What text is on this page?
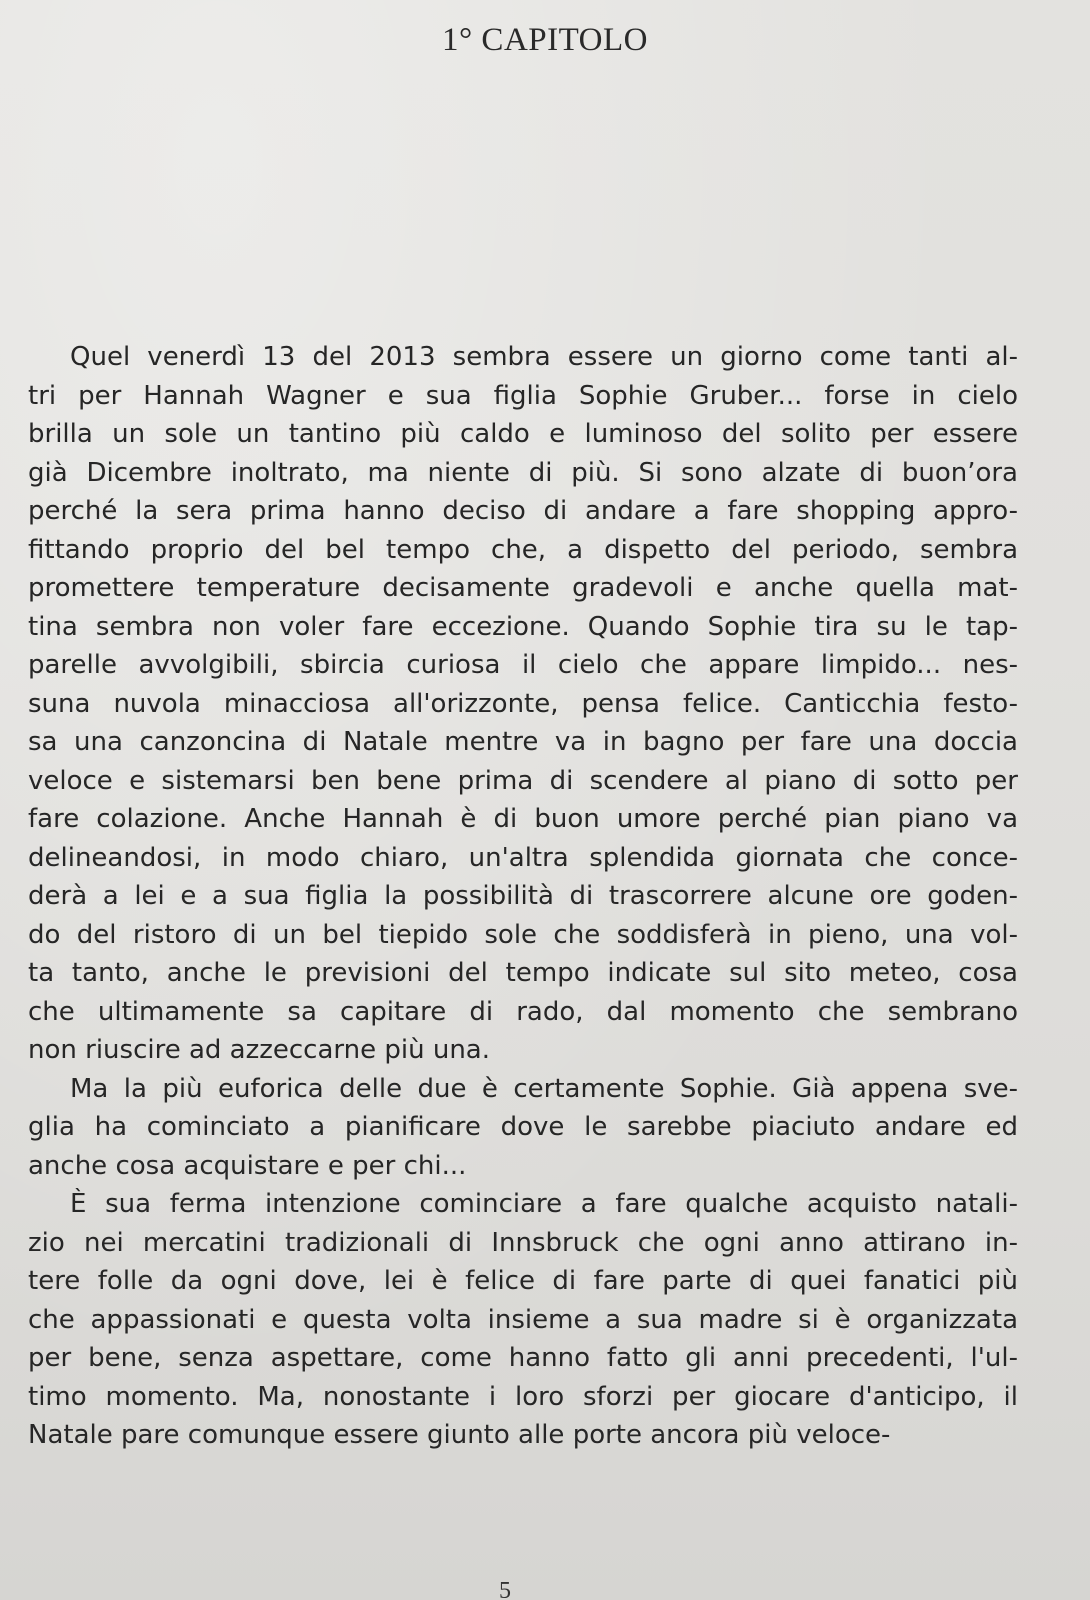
1° CAPITOLO
Quel venerdì 13 del 2013 sembra essere un giorno come tanti al-
tri per Hannah Wagner e sua figlia Sophie Gruber... forse in cielo
brilla un sole un tantino più caldo e luminoso del solito per essere
già Dicembre inoltrato, ma niente di più. Si sono alzate di buon’ora
perché la sera prima hanno deciso di andare a fare shopping appro-
fittando proprio del bel tempo che, a dispetto del periodo, sembra
promettere temperature decisamente gradevoli e anche quella mat-
tina sembra non voler fare eccezione. Quando Sophie tira su le tap-
parelle avvolgibili, sbircia curiosa il cielo che appare limpido... nes-
suna nuvola minacciosa all'orizzonte, pensa felice. Canticchia festo-
sa una canzoncina di Natale mentre va in bagno per fare una doccia
veloce e sistemarsi ben bene prima di scendere al piano di sotto per
fare colazione. Anche Hannah è di buon umore perché pian piano va
delineandosi, in modo chiaro, un'altra splendida giornata che conce-
derà a lei e a sua figlia la possibilità di trascorrere alcune ore goden-
do del ristoro di un bel tiepido sole che soddisferà in pieno, una vol-
ta tanto, anche le previsioni del tempo indicate sul sito meteo, cosa
che ultimamente sa capitare di rado, dal momento che sembrano
non riuscire ad azzeccarne più una.
Ma la più euforica delle due è certamente Sophie. Già appena sve-
glia ha cominciato a pianificare dove le sarebbe piaciuto andare ed
anche cosa acquistare e per chi...
È sua ferma intenzione cominciare a fare qualche acquisto natali-
zio nei mercatini tradizionali di Innsbruck che ogni anno attirano in-
tere folle da ogni dove, lei è felice di fare parte di quei fanatici più
che appassionati e questa volta insieme a sua madre si è organizzata
per bene, senza aspettare, come hanno fatto gli anni precedenti, l'ul-
timo momento. Ma, nonostante i loro sforzi per giocare d'anticipo, il
Natale pare comunque essere giunto alle porte ancora più veloce-
5
